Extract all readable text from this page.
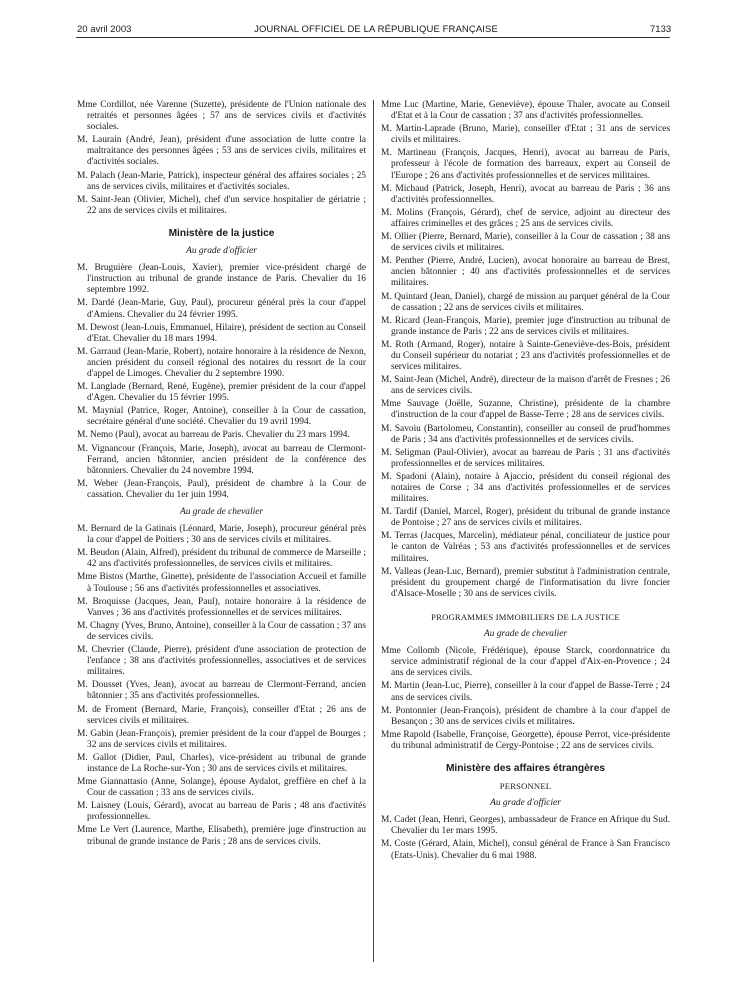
20 avril 2003	JOURNAL OFFICIEL DE LA RÉPUBLIQUE FRANÇAISE	7133

Mme Cordillot, née Varenne (Suzette), présidente de l'Union nationale des retraités et personnes âgées ; 57 ans de services civils et d'activités sociales.

M. Laurain (André, Jean), président d'une association de lutte contre la maltraitance des personnes âgées ; 53 ans de services civils, militaires et d'activités sociales.

M. Palach (Jean-Marie, Patrick), inspecteur général des affaires sociales ; 25 ans de services civils, militaires et d'activités sociales.

M. Saint-Jean (Olivier, Michel), chef d'un service hospitalier de gériatrie ; 22 ans de services civils et militaires.

Ministère de la justice
Au grade d'officier

M. Bruguière (Jean-Louis, Xavier), premier vice-président chargé de l'instruction au tribunal de grande instance de Paris. Chevalier du 16 septembre 1992.

M. Dardé (Jean-Marie, Guy, Paul), procureur général près la cour d'appel d'Amiens. Chevalier du 24 février 1995.

M. Dewost (Jean-Louis, Emmanuel, Hilaire), président de section au Conseil d'Etat. Chevalier du 18 mars 1994.

M. Garraud (Jean-Marie, Robert), notaire honoraire à la résidence de Nexon, ancien président du conseil régional des notaires du ressort de la cour d'appel de Limoges. Chevalier du 2 septembre 1990.

M. Langlade (Bernard, René, Eugène), premier président de la cour d'appel d'Agen. Chevalier du 15 février 1995.

M. Maynial (Patrice, Roger, Antoine), conseiller à la Cour de cassation, secrétaire général d'une société. Chevalier du 19 avril 1994.

M. Nemo (Paul), avocat au barreau de Paris. Chevalier du 23 mars 1994.

M. Vignancour (François, Marie, Joseph), avocat au barreau de Clermont-Ferrand, ancien bâtonnier, ancien président de la conférence des bâtonniers. Chevalier du 24 novembre 1994.

M. Weber (Jean-François, Paul), président de chambre à la Cour de cassation. Chevalier du 1er juin 1994.

Au grade de chevalier

M. Bernard de la Gatinais (Léonard, Marie, Joseph), procureur général près la cour d'appel de Poitiers ; 30 ans de services civils et militaires.

M. Beudon (Alain, Alfred), président du tribunal de commerce de Marseille ; 42 ans d'activités professionnelles, de services civils et militaires.

Mme Bistos (Marthe, Ginette), présidente de l'association Accueil et famille à Toulouse ; 56 ans d'activités professionnelles et associatives.

M. Broquisse (Jacques, Jean, Paul), notaire honoraire à la résidence de Vanves ; 36 ans d'activités professionnelles et de services militaires.

M. Chagny (Yves, Bruno, Antoine), conseiller à la Cour de cassation ; 37 ans de services civils.

M. Chevrier (Claude, Pierre), président d'une association de protection de l'enfance ; 38 ans d'activités professionnelles, associatives et de services militaires.

M. Dousset (Yves, Jean), avocat au barreau de Clermont-Ferrand, ancien bâtonnier ; 35 ans d'activités professionnelles.

M. de Froment (Bernard, Marie, François), conseiller d'Etat ; 26 ans de services civils et militaires.

M. Gabin (Jean-François), premier président de la cour d'appel de Bourges ; 32 ans de services civils et militaires.

M. Gallot (Didier, Paul, Charles), vice-président au tribunal de grande instance de La Roche-sur-Yon ; 30 ans de services civils et militaires.

Mme Giannattasio (Anne, Solange), épouse Aydalot, greffière en chef à la Cour de cassation ; 33 ans de services civils.

M. Laisney (Louis, Gérard), avocat au barreau de Paris ; 48 ans d'activités professionnelles.

Mme Le Vert (Laurence, Marthe, Elisabeth), première juge d'instruction au tribunal de grande instance de Paris ; 28 ans de services civils.

Mme Luc (Martine, Marie, Geneviève), épouse Thaler, avocate au Conseil d'Etat et à la Cour de cassation ; 37 ans d'activités professionnelles.

M. Martin-Laprade (Bruno, Marie), conseiller d'Etat ; 31 ans de services civils et militaires.

M. Martineau (François, Jacques, Henri), avocat au barreau de Paris, professeur à l'école de formation des barreaux, expert au Conseil de l'Europe ; 26 ans d'activités professionnelles et de services militaires.

M. Michaud (Patrick, Joseph, Henri), avocat au barreau de Paris ; 36 ans d'activités professionnelles.

M. Molins (François, Gérard), chef de service, adjoint au directeur des affaires criminelles et des grâces ; 25 ans de services civils.

M. Ollier (Pierre, Bernard, Marie), conseiller à la Cour de cassation ; 38 ans de services civils et militaires.

M. Penther (Pierre, André, Lucien), avocat honoraire au barreau de Brest, ancien bâtonnier ; 40 ans d'activités professionnelles et de services militaires.

M. Quintard (Jean, Daniel), chargé de mission au parquet général de la Cour de cassation ; 22 ans de services civils et militaires.

M. Ricard (Jean-François, Marie), premier juge d'instruction au tribunal de grande instance de Paris ; 22 ans de services civils et militaires.

M. Roth (Armand, Roger), notaire à Sainte-Geneviève-des-Bois, président du Conseil supérieur du notariat ; 23 ans d'activités professionnelles et de services militaires.

M. Saint-Jean (Michel, André), directeur de la maison d'arrêt de Fresnes ; 26 ans de services civils.

Mme Sauvage (Joëlle, Suzanne, Christine), présidente de la chambre d'instruction de la cour d'appel de Basse-Terre ; 28 ans de services civils.

M. Savoiu (Bartolomeu, Constantin), conseiller au conseil de prud'hommes de Paris ; 34 ans d'activités professionnelles et de services civils.

M. Seligman (Paul-Olivier), avocat au barreau de Paris ; 31 ans d'activités professionnelles et de services militaires.

M. Spadoni (Alain), notaire à Ajaccio, président du conseil régional des notaires de Corse ; 34 ans d'activités professionnelles et de services militaires.

M. Tardif (Daniel, Marcel, Roger), président du tribunal de grande instance de Pontoise ; 27 ans de services civils et militaires.

M. Terras (Jacques, Marcelin), médiateur pénal, conciliateur de justice pour le canton de Valréas ; 53 ans d'activités professionnelles et de services militaires.

M. Valleas (Jean-Luc, Bernard), premier substitut à l'administration centrale, président du groupement chargé de l'informatisation du livre foncier d'Alsace-Moselle ; 30 ans de services civils.

PROGRAMMES IMMOBILIERS DE LA JUSTICE
Au grade de chevalier

Mme Collomb (Nicole, Frédérique), épouse Starck, coordonnatrice du service administratif régional de la cour d'appel d'Aix-en-Provence ; 24 ans de services civils.

M. Martin (Jean-Luc, Pierre), conseiller à la cour d'appel de Basse-Terre ; 24 ans de services civils.

M. Pontonnier (Jean-François), président de chambre à la cour d'appel de Besançon ; 30 ans de services civils et militaires.

Mme Rapold (Isabelle, Françoise, Georgette), épouse Perrot, vice-présidente du tribunal administratif de Cergy-Pontoise ; 22 ans de services civils.

Ministère des affaires étrangères
PERSONNEL
Au grade d'officier

M. Cadet (Jean, Henri, Georges), ambassadeur de France en Afrique du Sud. Chevalier du 1er mars 1995.

M. Coste (Gérard, Alain, Michel), consul général de France à San Francisco (Etats-Unis). Chevalier du 6 mai 1988.
